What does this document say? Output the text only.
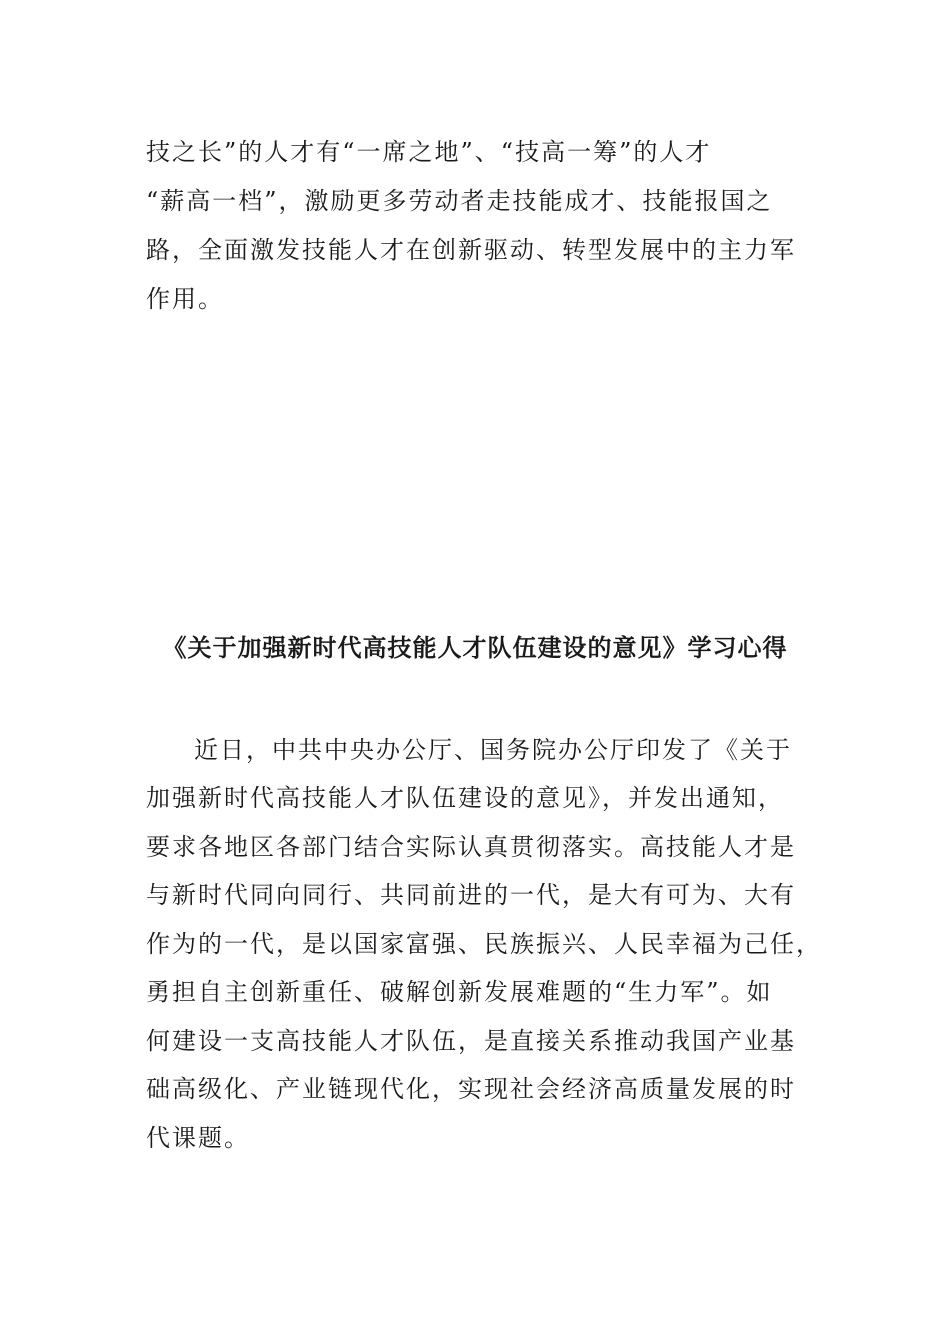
技之长”的人才有“一席之地”、“技高一筹”的人才
“薪高一档”，激励更多劳动者走技能成才、技能报国之
路，全面激发技能人才在创新驱动、转型发展中的主力军
作用。
《关于加强新时代高技能人才队伍建设的意见》学习心得
近日，中共中央办公厅、国务院办公厅印发了《关于
加强新时代高技能人才队伍建设的意见》，并发出通知，
要求各地区各部门结合实际认真贯彻落实。高技能人才是
与新时代同向同行、共同前进的一代，是大有可为、大有
作为的一代，是以国家富强、民族振兴、人民幸福为己任，
勇担自主创新重任、破解创新发展难题的“生力军”。如
何建设一支高技能人才队伍，是直接关系推动我国产业基
础高级化、产业链现代化，实现社会经济高质量发展的时
代课题。
